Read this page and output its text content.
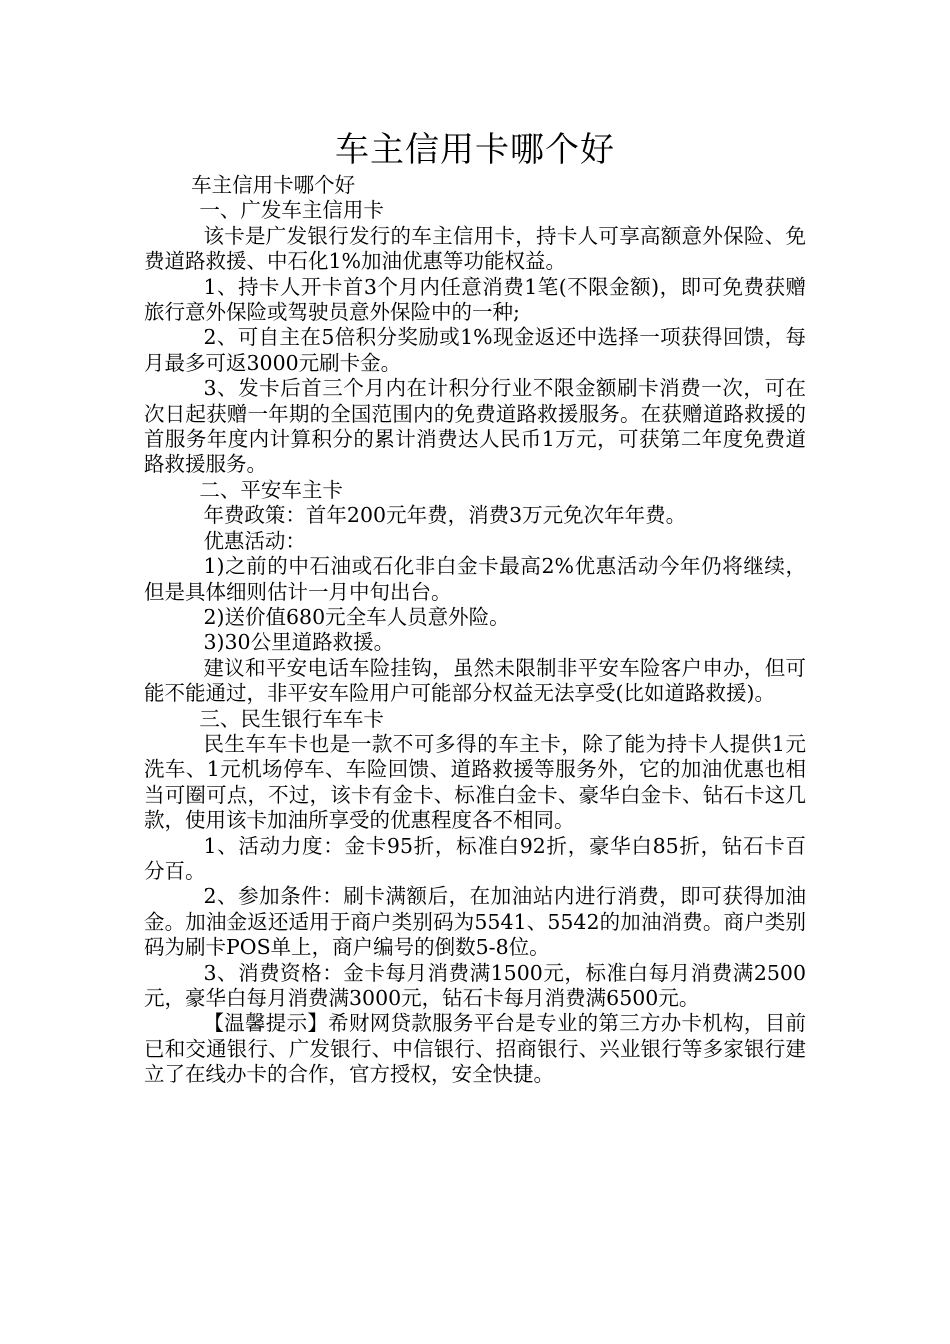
车主信用卡哪个好

车主信用卡哪个好

一、广发车主信用卡

该卡是广发银行发行的车主信用卡，持卡人可享高额意外保险、免费道路救援、中石化1%加油优惠等功能权益。

1、持卡人开卡首3个月内任意消费1笔(不限金额)，即可免费获赠旅行意外保险或驾驶员意外保险中的一种;

2、可自主在5倍积分奖励或1%现金返还中选择一项获得回馈，每月最多可返3000元刷卡金。

3、发卡后首三个月内在计积分行业不限金额刷卡消费一次，可在次日起获赠一年期的全国范围内的免费道路救援服务。在获赠道路救援的首服务年度内计算积分的累计消费达人民币1万元，可获第二年度免费道路救援服务。

二、平安车主卡

年费政策：首年200元年费，消费3万元免次年年费。

优惠活动：

1)之前的中石油或石化非白金卡最高2%优惠活动今年仍将继续，但是具体细则估计一月中旬出台。

2)送价值680元全车人员意外险。

3)30公里道路救援。

建议和平安电话车险挂钩，虽然未限制非平安车险客户申办，但可能不能通过，非平安车险用户可能部分权益无法享受(比如道路救援)。

三、民生银行车车卡

民生车车卡也是一款不可多得的车主卡，除了能为持卡人提供1元洗车、1元机场停车、车险回馈、道路救援等服务外，它的加油优惠也相当可圈可点，不过，该卡有金卡、标准白金卡、豪华白金卡、钻石卡这几款，使用该卡加油所享受的优惠程度各不相同。

1、活动力度：金卡95折，标准白92折，豪华白85折，钻石卡百分百。

2、参加条件：刷卡满额后，在加油站内进行消费，即可获得加油金。加油金返还适用于商户类别码为5541、5542的加油消费。商户类别码为刷卡POS单上，商户编号的倒数5-8位。

3、消费资格：金卡每月消费满1500元，标准白每月消费满2500元，豪华白每月消费满3000元，钻石卡每月消费满6500元。

【温馨提示】希财网贷款服务平台是专业的第三方办卡机构，目前已和交通银行、广发银行、中信银行、招商银行、兴业银行等多家银行建立了在线办卡的合作，官方授权，安全快捷。
